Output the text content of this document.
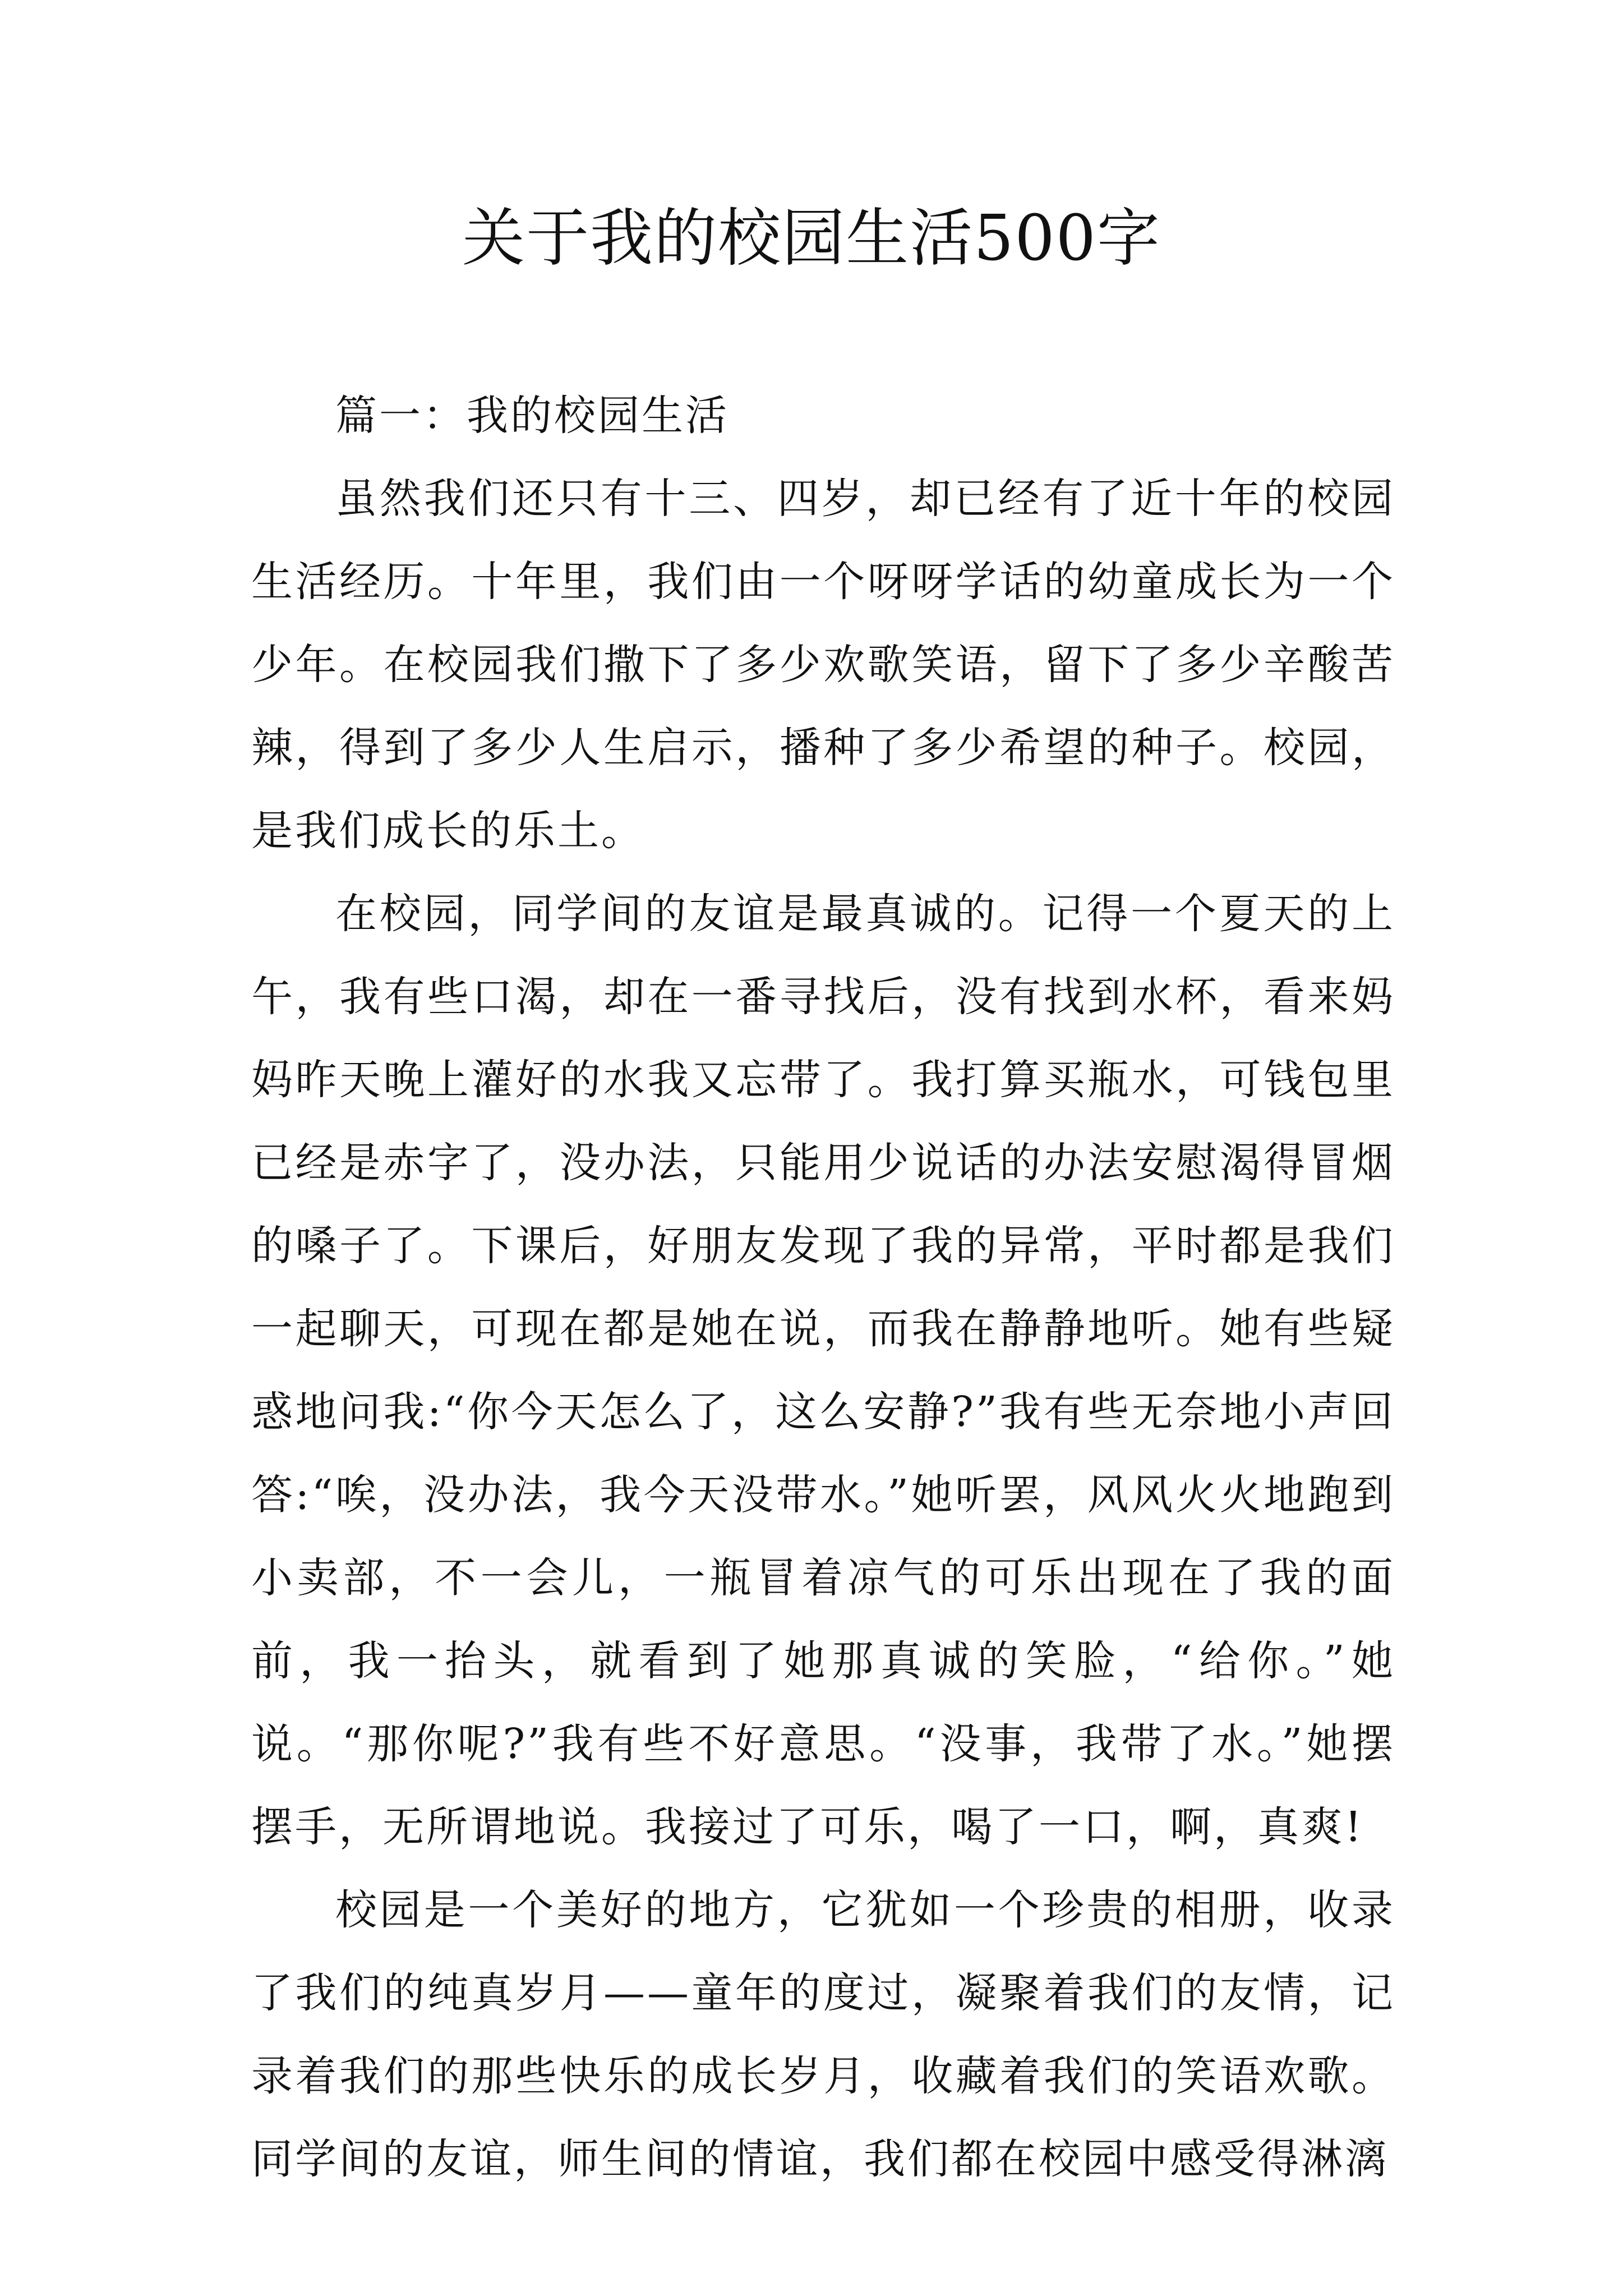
关于我的校园生活500字

篇一：我的校园生活

虽然我们还只有十三、四岁，却已经有了近十年的校园生活经历。十年里，我们由一个呀呀学话的幼童成长为一个少年。在校园我们撒下了多少欢歌笑语，留下了多少辛酸苦辣，得到了多少人生启示，播种了多少希望的种子。校园，是我们成长的乐土。

在校园，同学间的友谊是最真诚的。记得一个夏天的上午，我有些口渴，却在一番寻找后，没有找到水杯，看来妈妈昨天晚上灌好的水我又忘带了。我打算买瓶水，可钱包里已经是赤字了，没办法，只能用少说话的办法安慰渴得冒烟的嗓子了。下课后，好朋友发现了我的异常，平时都是我们一起聊天，可现在都是她在说，而我在静静地听。她有些疑惑地问我:“你今天怎么了，这么安静?”我有些无奈地小声回答:“唉，没办法，我今天没带水。”她听罢，风风火火地跑到小卖部，不一会儿，一瓶冒着凉气的可乐出现在了我的面前，我一抬头，就看到了她那真诚的笑脸，“给你。”她说。“那你呢?”我有些不好意思。“没事，我带了水。”她摆摆手，无所谓地说。我接过了可乐，喝了一口，啊，真爽!

校园是一个美好的地方，它犹如一个珍贵的相册，收录了我们的纯真岁月——童年的度过，凝聚着我们的友情，记录着我们的那些快乐的成长岁月，收藏着我们的笑语欢歌。同学间的友谊，师生间的情谊，我们都在校园中感受得淋漓
